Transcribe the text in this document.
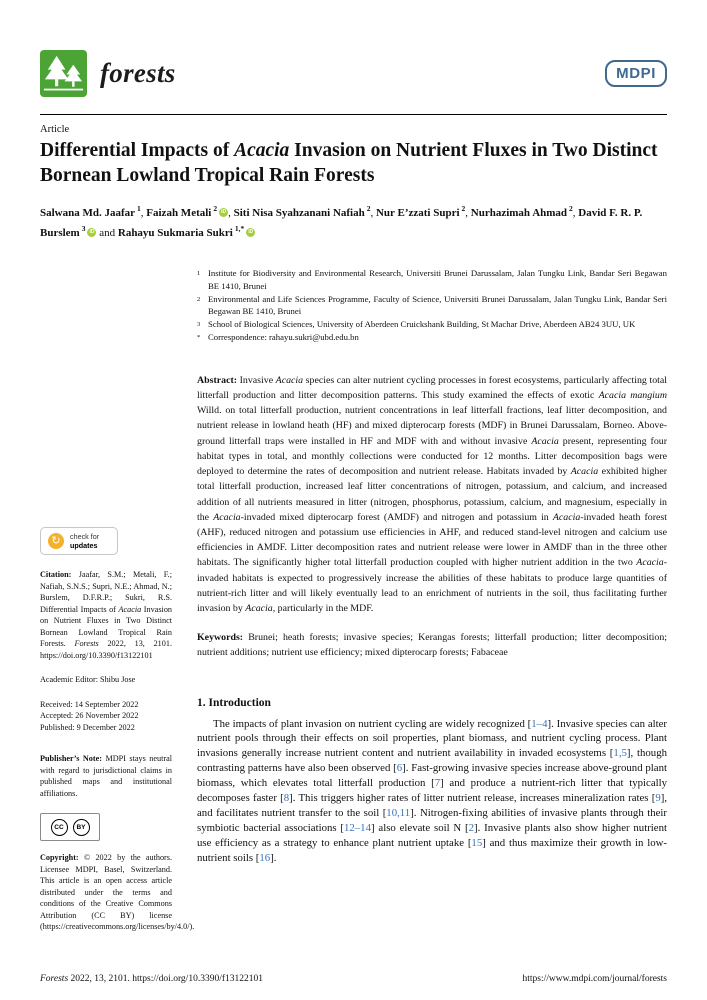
forests	MDPI
Article
Differential Impacts of Acacia Invasion on Nutrient Fluxes in Two Distinct Bornean Lowland Tropical Rain Forests
Salwana Md. Jaafar $^1$, Faizah Metali $^2$ iD , Siti Nisa Syahzanani Nafiah $^2$, Nur E’zzati Supri $^2$, Nurhazimah Ahmad $^2$, David F. R. P. Burslem $^3$ iD and Rahayu Sukmaria Sukri $^{1,*}$ iD
↻	check for
updates
Citation: Jaafar, S.M.; Metali, F.; Nafiah, S.N.S.; Supri, N.E.; Ahmad, N.; Burslem, D.F.R.P.; Sukri, R.S. Differential Impacts of Acacia Invasion on Nutrient Fluxes in Two Distinct Bornean Lowland Tropical Rain Forests. Forests 2022, 13, 2101. https://doi.org/10.3390/f13122101
Academic Editor: Shibu Jose
Received: 14 September 2022
Accepted: 26 November 2022
Published: 9 December 2022
Publisher’s Note: MDPI stays neutral with regard to jurisdictional claims in published maps and institutional affiliations.
CC	BY
Copyright: © 2022 by the authors. Licensee MDPI, Basel, Switzerland. This article is an open access article distributed under the terms and conditions of the Creative Commons Attribution (CC BY) license (https://creativecommons.org/licenses/by/4.0/).
1 Institute for Biodiversity and Environmental Research, Universiti Brunei Darussalam, Jalan Tungku Link, Bandar Seri Begawan BE 1410, Brunei
2 Environmental and Life Sciences Programme, Faculty of Science, Universiti Brunei Darussalam, Jalan Tungku Link, Bandar Seri Begawan BE 1410, Brunei
3 School of Biological Sciences, University of Aberdeen Cruickshank Building, St Machar Drive, Aberdeen AB24 3UU, UK
* Correspondence: rahayu.sukri@ubd.edu.bn
Abstract: Invasive Acacia species can alter nutrient cycling processes in forest ecosystems, particularly affecting total litterfall production and litter decomposition patterns. This study examined the effects of exotic Acacia mangium Willd. on total litterfall production, nutrient concentrations in leaf litterfall fractions, leaf litter decomposition, and nutrient release in lowland heath (HF) and mixed dipterocarp forests (MDF) in Brunei Darussalam, Borneo. Above-ground litterfall traps were installed in HF and MDF with and without invasive Acacia present, representing four habitat types in total, and monthly collections were conducted for 12 months. Litter decomposition bags were deployed to determine the rates of decomposition and nutrient release. Habitats invaded by Acacia exhibited higher total litterfall production, increased leaf litter concentrations of nitrogen, potassium, and calcium, and increased addition of all nutrients measured in litter (nitrogen, phosphorus, potassium, calcium, and magnesium, especially in the Acacia-invaded mixed dipterocarp forest (AMDF) and nitrogen and potassium in Acacia-invaded heath forest (AHF), reduced nitrogen and potassium use efficiencies in AHF, and reduced stand-level nitrogen and calcium use efficiencies in AMDF. Litter decomposition rates and nutrient release were lower in AMDF than in the three other habitats. The significantly higher total litterfall production coupled with higher nutrient addition in the two Acacia-invaded habitats is expected to progressively increase the abilities of these habitats to produce large quantities of nutrient-rich litter and will likely eventually lead to an enrichment of nutrients in the soil, thus facilitating further invasion by Acacia, particularly in the MDF.
Keywords: Brunei; heath forests; invasive species; Kerangas forests; litterfall production; litter decomposition; nutrient additions; nutrient use efficiency; mixed dipterocarp forests; Fabaceae
1. Introduction

The impacts of plant invasion on nutrient cycling are widely recognized [1–4]. Invasive species can alter nutrient pools through their effects on soil properties, plant biomass, and nutrient cycling process. Plant invasions generally increase nutrient content and nutrient availability in invaded ecosystems [1,5], though contrasting patterns have also been observed [6]. Fast-growing invasive species increase above-ground plant biomass, which elevates total litterfall production [7] and produce a nutrient-rich litter that typically decomposes faster [8]. This triggers higher rates of litter nutrient release, increases mineralization rates [9], and facilitates nutrient transfer to the soil [10,11]. Nitrogen-fixing abilities of invasive plants through their symbiotic bacterial associations [12–14] also elevate soil N [2]. Invasive plants also show higher nutrient use efficiency as a strategy to enhance plant nutrient uptake [15] and thus maximize their growth in low-nutrient soils [16].

Forests 2022, 13, 2101. https://doi.org/10.3390/f13122101	https://www.mdpi.com/journal/forests
